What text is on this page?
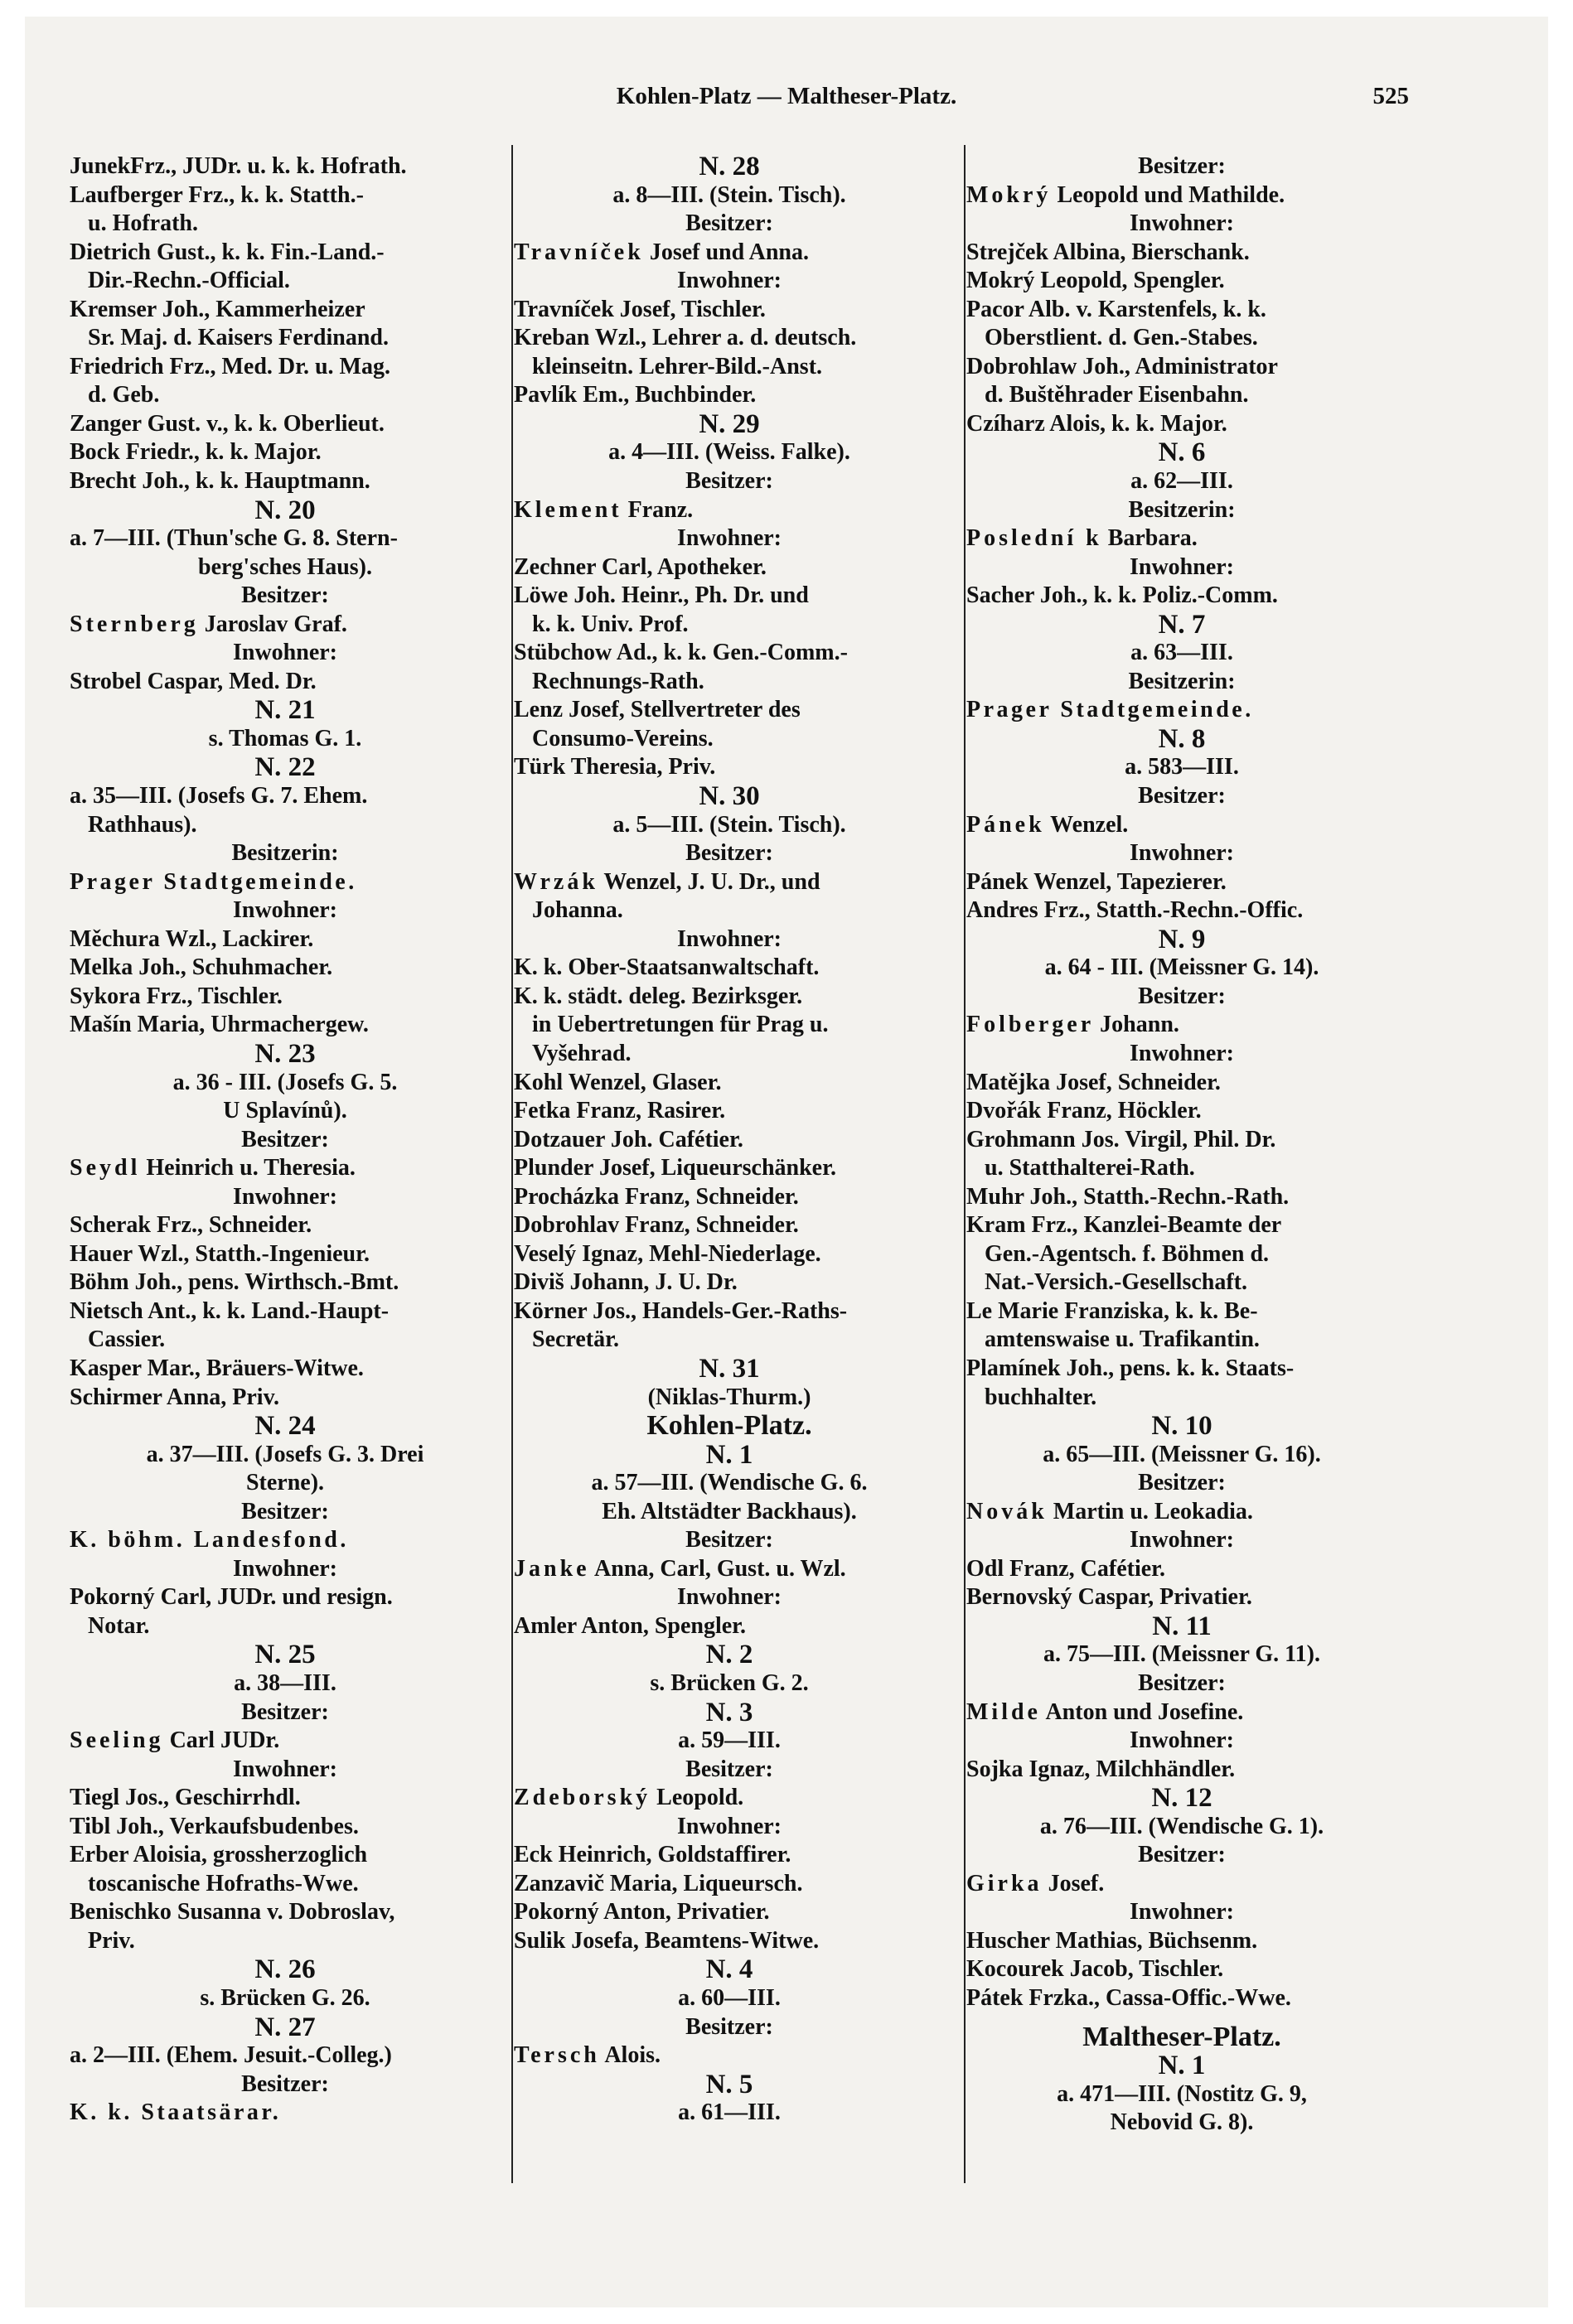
Kohlen-Platz — Maltheser-Platz.	525
JunekFrz., JUDr. u. k. k. Hofrath.
Laufberger Frz., k. k. Statth.-
u. Hofrath.
Dietrich Gust., k. k. Fin.-Land.-
Dir.-Rechn.-Official.
Kremser Joh., Kammerheizer
Sr. Maj. d. Kaisers Ferdinand.
Friedrich Frz., Med. Dr. u. Mag.
d. Geb.
Zanger Gust. v., k. k. Oberlieut.
Bock Friedr., k. k. Major.
Brecht Joh., k. k. Hauptmann.
N. 20
a. 7—III. (Thun'sche G. 8. Stern-
berg'sches Haus).
Besitzer:
Sternberg Jaroslav Graf.
Inwohner:
Strobel Caspar, Med. Dr.
N. 21
s. Thomas G. 1.
N. 22
a. 35—III. (Josefs G. 7. Ehem.
Rathhaus).
Besitzerin:
Prager Stadtgemeinde.
Inwohner:
Měchura Wzl., Lackirer.
Melka Joh., Schuhmacher.
Sykora Frz., Tischler.
Mašín Maria, Uhrmachergew.
N. 23
a. 36 - III. (Josefs G. 5.
U Splavínů).
Besitzer:
Seydl Heinrich u. Theresia.
Inwohner:
Scherak Frz., Schneider.
Hauer Wzl., Statth.-Ingenieur.
Böhm Joh., pens. Wirthsch.-Bmt.
Nietsch Ant., k. k. Land.-Haupt-
Cassier.
Kasper Mar., Bräuers-Witwe.
Schirmer Anna, Priv.
N. 24
a. 37—III. (Josefs G. 3. Drei
Sterne).
Besitzer:
K. böhm. Landesfond.
Inwohner:
Pokorný Carl, JUDr. und resign.
Notar.
N. 25
a. 38—III.
Besitzer:
Seeling Carl JUDr.
Inwohner:
Tiegl Jos., Geschirrhdl.
Tibl Joh., Verkaufsbudenbes.
Erber Aloisia, grossherzoglich
toscanische Hofraths-Wwe.
Benischko Susanna v. Dobroslav,
Priv.
N. 26
s. Brücken G. 26.
N. 27
a. 2—III. (Ehem. Jesuit.-Colleg.)
Besitzer:
K. k. Staatsärar.
N. 28
a. 8—III. (Stein. Tisch).
Besitzer:
Travníček Josef und Anna.
Inwohner:
Travníček Josef, Tischler.
Kreban Wzl., Lehrer a. d. deutsch.
kleinseitn. Lehrer-Bild.-Anst.
Pavlík Em., Buchbinder.
N. 29
a. 4—III. (Weiss. Falke).
Besitzer:
Klement Franz.
Inwohner:
Zechner Carl, Apotheker.
Löwe Joh. Heinr., Ph. Dr. und
k. k. Univ. Prof.
Stübchow Ad., k. k. Gen.-Comm.-
Rechnungs-Rath.
Lenz Josef, Stellvertreter des
Consumo-Vereins.
Türk Theresia, Priv.
N. 30
a. 5—III. (Stein. Tisch).
Besitzer:
Wrzák Wenzel, J. U. Dr., und
Johanna.
Inwohner:
K. k. Ober-Staatsanwaltschaft.
K. k. städt. deleg. Bezirksger.
in Uebertretungen für Prag u.
Vyšehrad.
Kohl Wenzel, Glaser.
Fetka Franz, Rasirer.
Dotzauer Joh. Cafétier.
Plunder Josef, Liqueurschänker.
Procházka Franz, Schneider.
Dobrohlav Franz, Schneider.
Veselý Ignaz, Mehl-Niederlage.
Diviš Johann, J. U. Dr.
Körner Jos., Handels-Ger.-Raths-
Secretär.
N. 31
(Niklas-Thurm.)
Kohlen-Platz.
N. 1
a. 57—III. (Wendische G. 6.
Eh. Altstädter Backhaus).
Besitzer:
Janke Anna, Carl, Gust. u. Wzl.
Inwohner:
Amler Anton, Spengler.
N. 2
s. Brücken G. 2.
N. 3
a. 59—III.
Besitzer:
Zdeborský Leopold.
Inwohner:
Eck Heinrich, Goldstaffirer.
Zanzavič Maria, Liqueursch.
Pokorný Anton, Privatier.
Sulik Josefa, Beamtens-Witwe.
N. 4
a. 60—III.
Besitzer:
Tersch Alois.
N. 5
a. 61—III.
Besitzer:
Mokrý Leopold und Mathilde.
Inwohner:
Strejček Albina, Bierschank.
Mokrý Leopold, Spengler.
Pacor Alb. v. Karstenfels, k. k.
Oberstlient. d. Gen.-Stabes.
Dobrohlaw Joh., Administrator
d. Buštěhrader Eisenbahn.
Czíharz Alois, k. k. Major.
N. 6
a. 62—III.
Besitzerin:
Poslední k Barbara.
Inwohner:
Sacher Joh., k. k. Poliz.-Comm.
N. 7
a. 63—III.
Besitzerin:
Prager Stadtgemeinde.
N. 8
a. 583—III.
Besitzer:
Pánek Wenzel.
Inwohner:
Pánek Wenzel, Tapezierer.
Andres Frz., Statth.-Rechn.-Offic.
N. 9
a. 64 - III. (Meissner G. 14).
Besitzer:
Folberger Johann.
Inwohner:
Matějka Josef, Schneider.
Dvořák Franz, Höckler.
Grohmann Jos. Virgil, Phil. Dr.
u. Statthalterei-Rath.
Muhr Joh., Statth.-Rechn.-Rath.
Kram Frz., Kanzlei-Beamte der
Gen.-Agentsch. f. Böhmen d.
Nat.-Versich.-Gesellschaft.
Le Marie Franziska, k. k. Be-
amtenswaise u. Trafikantin.
Plamínek Joh., pens. k. k. Staats-
buchhalter.
N. 10
a. 65—III. (Meissner G. 16).
Besitzer:
Novák Martin u. Leokadia.
Inwohner:
Odl Franz, Cafétier.
Bernovský Caspar, Privatier.
N. 11
a. 75—III. (Meissner G. 11).
Besitzer:
Milde Anton und Josefine.
Inwohner:
Sojka Ignaz, Milchhändler.
N. 12
a. 76—III. (Wendische G. 1).
Besitzer:
Girka Josef.
Inwohner:
Huscher Mathias, Büchsenm.
Kocourek Jacob, Tischler.
Pátek Frzka., Cassa-Offic.-Wwe.
Maltheser-Platz.
N. 1
a. 471—III. (Nostitz G. 9,
Nebovid G. 8).
